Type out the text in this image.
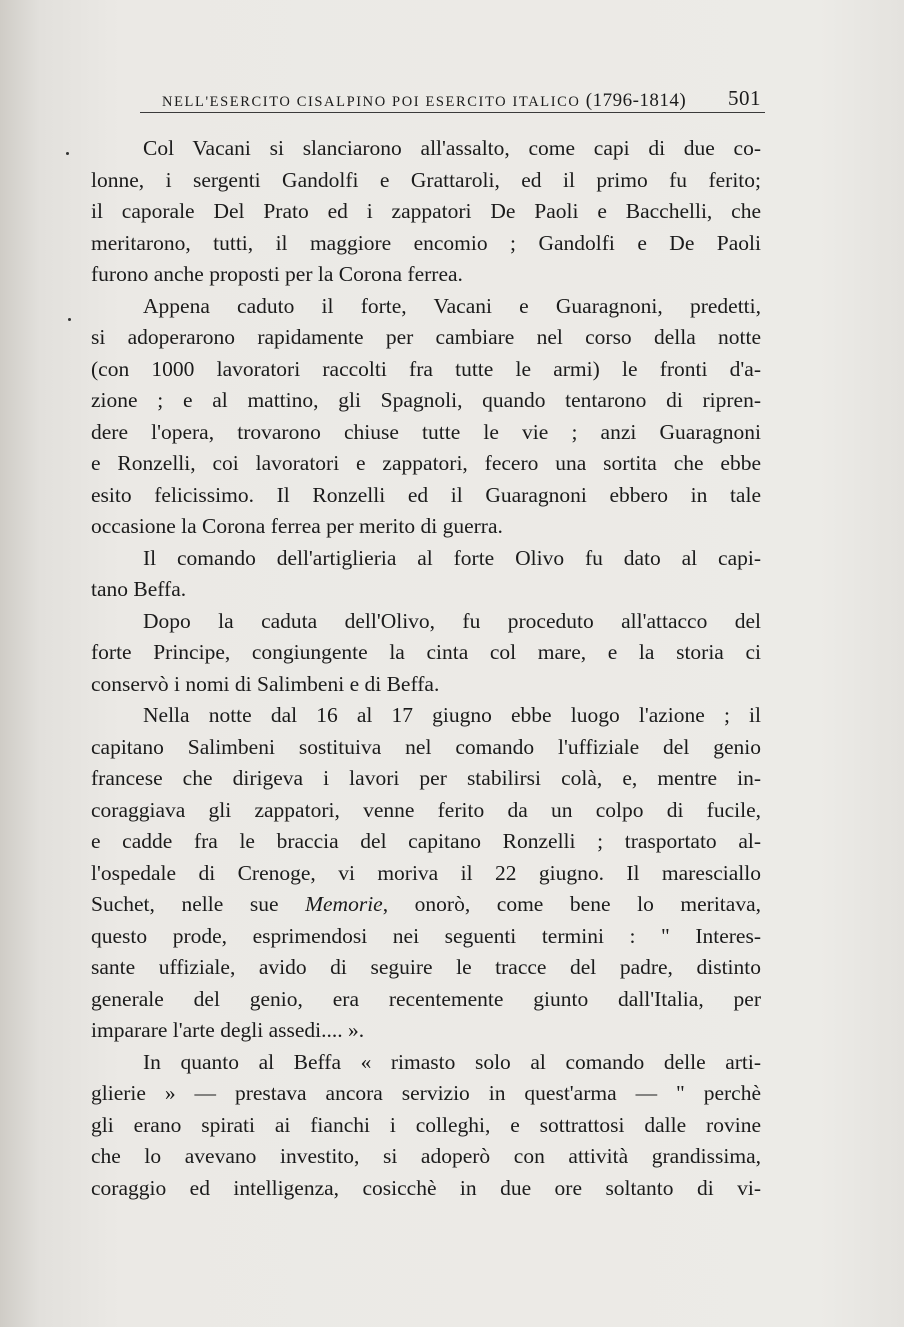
NELL'ESERCITO CISALPINO POI ESERCITO ITALICO (1796-1814) 501
Col Vacani si slanciarono all'assalto, come capi di due co-
lonne, i sergenti Gandolfi e Grattaroli, ed il primo fu ferito;
il caporale Del Prato ed i zappatori De Paoli e Bacchelli, che
meritarono, tutti, il maggiore encomio ; Gandolfi e De Paoli
furono anche proposti per la Corona ferrea.
Appena caduto il forte, Vacani e Guaragnoni, predetti,
si adoperarono rapidamente per cambiare nel corso della notte
(con 1000 lavoratori raccolti fra tutte le armi) le fronti d'a-
zione ; e al mattino, gli Spagnoli, quando tentarono di ripren-
dere l'opera, trovarono chiuse tutte le vie ; anzi Guaragnoni
e Ronzelli, coi lavoratori e zappatori, fecero una sortita che ebbe
esito felicissimo. Il Ronzelli ed il Guaragnoni ebbero in tale
occasione la Corona ferrea per merito di guerra.
Il comando dell'artiglieria al forte Olivo fu dato al capi-
tano Beffa.
Dopo la caduta dell'Olivo, fu proceduto all'attacco del
forte Principe, congiungente la cinta col mare, e la storia ci
conservò i nomi di Salimbeni e di Beffa.
Nella notte dal 16 al 17 giugno ebbe luogo l'azione ; il
capitano Salimbeni sostituiva nel comando l'uffiziale del genio
francese che dirigeva i lavori per stabilirsi colà, e, mentre in-
coraggiava gli zappatori, venne ferito da un colpo di fucile,
e cadde fra le braccia del capitano Ronzelli ; trasportato al-
l'ospedale di Crenoge, vi moriva il 22 giugno. Il maresciallo
Suchet, nelle sue Memorie, onorò, come bene lo meritava,
questo prode, esprimendosi nei seguenti termini : " Interes-
sante uffiziale, avido di seguire le tracce del padre, distinto
generale del genio, era recentemente giunto dall'Italia, per
imparare l'arte degli assedi.... ».
In quanto al Beffa « rimasto solo al comando delle arti-
glierie » — prestava ancora servizio in quest'arma — " perchè
gli erano spirati ai fianchi i colleghi, e sottrattosi dalle rovine
che lo avevano investito, si adoperò con attività grandissima,
coraggio ed intelligenza, cosicchè in due ore soltanto di vi-
